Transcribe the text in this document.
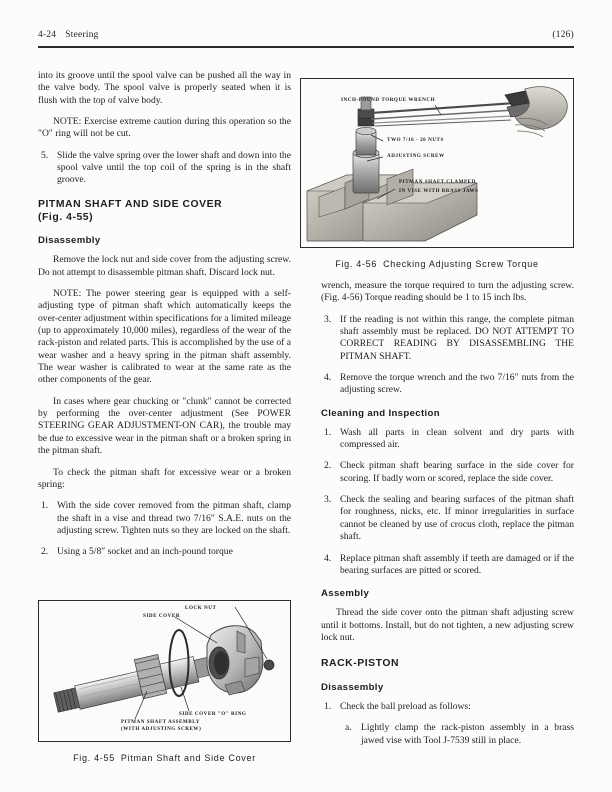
4-24 Steering	(126)

into its groove until the spool valve can be pushed all the way in the valve body. The spool valve is properly seated when it is flush with the top of valve body.

NOTE: Exercise extreme caution during this operation so the ″O″ ring will not be cut.

5. Slide the valve spring over the lower shaft and down into the spool valve until the top coil of the spring is in the shaft groove.
PITMAN SHAFT AND SIDE COVER
(Fig. 4-55)
Disassembly

Remove the lock nut and side cover from the adjusting screw. Do not attempt to disassemble pitman shaft. Discard lock nut.

NOTE: The power steering gear is equipped with a self-adjusting type of pitman shaft which automatically keeps the over-center adjustment within specifications for a limited mileage (up to approximately 10,000 miles), regardless of the wear of the rack-piston and related parts. This is accomplished by the use of a wear washer and a heavy spring in the pitman shaft assembly. The wear washer is calibrated to wear at the same rate as the other components of the gear.

In cases where gear chucking or ″clunk″ cannot be corrected by performing the over-center adjustment (See POWER STEERING GEAR ADJUSTMENT-ON CAR), the trouble may be due to excessive wear in the pitman shaft or a broken spring in the pitman shaft.

To check the pitman shaft for excessive wear or a broken spring:

1. With the side cover removed from the pitman shaft, clamp the shaft in a vise and thread two 7/16″ S.A.E. nuts on the adjusting screw. Tighten nuts so they are locked on the shaft.
2. Using a 5/8″ socket and an inch-pound torque

wrench, measure the torque required to turn the adjusting screw. (Fig. 4-56) Torque reading should be 1 to 15 inch lbs.

3. If the reading is not within this range, the complete pitman shaft assembly must be replaced. DO NOT ATTEMPT TO CORRECT READING BY DISASSEMBLING THE PITMAN SHAFT.
4. Remove the torque wrench and the two 7/16″ nuts from the adjusting screw.
Cleaning and Inspection
1. Wash all parts in clean solvent and dry parts with compressed air.
2. Check pitman shaft bearing surface in the side cover for scoring. If badly worn or scored, replace the side cover.
3. Check the sealing and bearing surfaces of the pitman shaft for roughness, nicks, etc. If minor irregularities in surface cannot be cleaned by use of crocus cloth, replace the pitman shaft.
4. Replace pitman shaft assembly if teeth are damaged or if the bearing surfaces are pitted or scored.
Assembly

Thread the side cover onto the pitman shaft adjusting screw until it bottoms. Install, but do not tighten, a new adjusting screw lock nut.

RACK-PISTON
Disassembly
1. Check the ball preload as follows:
a. Lightly clamp the rack-piston assembly in a brass jawed vise with Tool J-7539 still in place.
INCH-POUND TORQUE WRENCH
TWO 7/16 - 20 NUTS
ADJUSTING SCREW
PITMAN SHAFT CLAMPED
IN VISE WITH BRASS JAWS
Fig. 4-56 Checking Adjusting Screw Torque
LOCK NUT
SIDE COVER
SIDE COVER ″O″ RING
PITMAN SHAFT ASSEMBLY
(WITH ADJUSTING SCREW)
Fig. 4-55 Pitman Shaft and Side Cover
